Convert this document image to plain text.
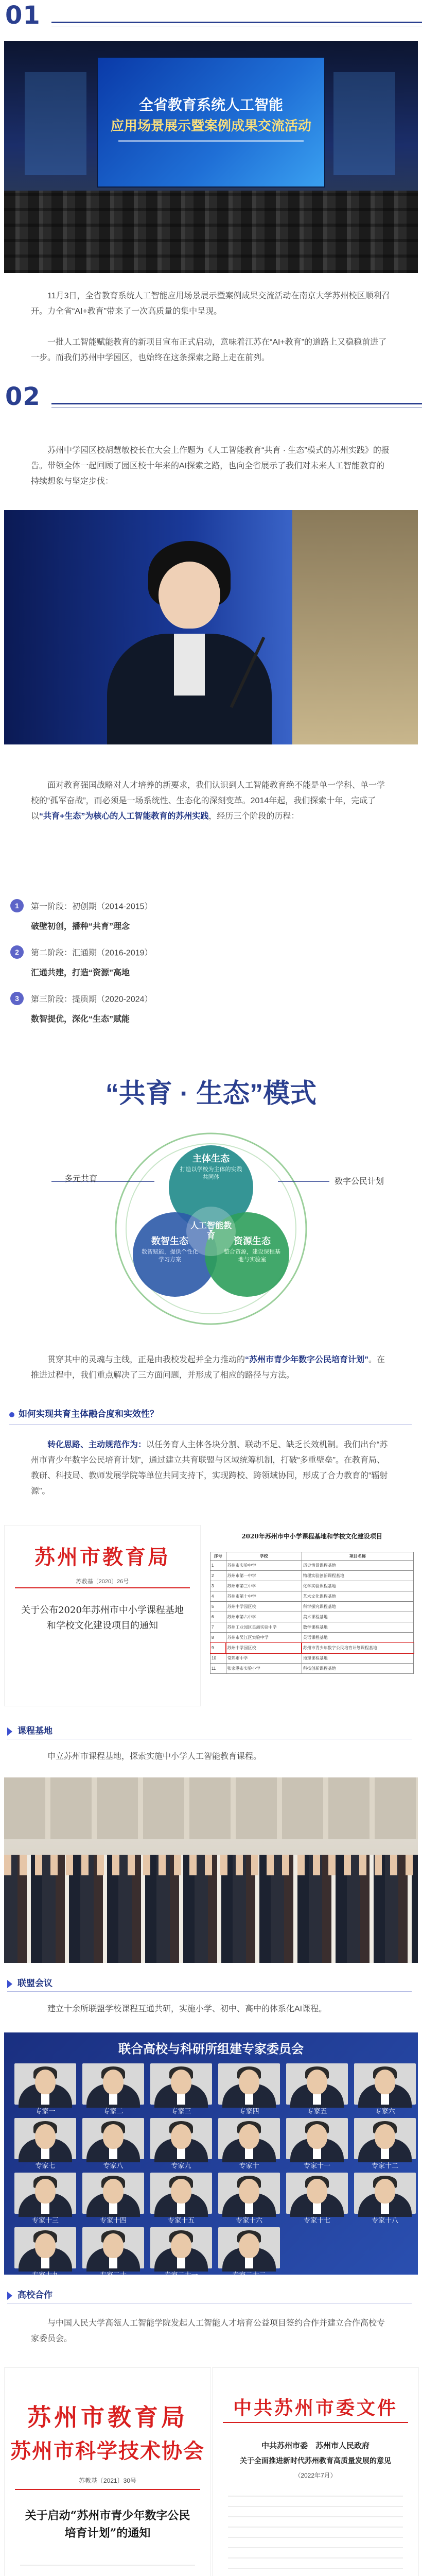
01
全省教育系统人工智能
应用场景展示暨案例成果交流活动
11月3日，全省教育系统人工智能应用场景展示暨案例成果交流活动在南京大学苏州校区顺利召开。力全省“AI+教育”带来了一次高质量的集中呈现。
一批人工智能赋能教育的新项目宣布正式启动，意味着江苏在“AI+教育”的道路上又稳稳前进了一步。而我们苏州中学园区，也始终在这条探索之路上走在前列。
02
苏州中学园区校胡慧敏校长在大会上作题为《人工智能教育“共育 · 生态”模式的苏州实践》的报告。带领全体一起回顾了园区校十年来的AI探索之路，也向全省展示了我们对未来人工智能教育的持续想象与坚定步伐：
面对教育强国战略对人才培养的新要求，我们认识到人工智能教育绝不能是单一学科、单一学校的“孤军奋战”，而必须是一场系统性、生态化的深刻变革。2014年起，我们探索十年，完成了以“共育+生态”为核心的人工智能教育的苏州实践，经历三个阶段的历程：
1 第一阶段：初创期（2014-2015）
破壁初创，播种“共育”理念
2 第二阶段：汇通期（2016-2019）
汇通共建，打造“资源”高地
3 第三阶段：提质期（2020-2024）
数智提优，深化“生态”赋能
“共育 · 生态”模式
主体生态
打造以学校为主体的实践共同体
数智生态
数智赋能，提供个性化学习方案
资源生态
整合资源，建设课程基地与实验室
人工智能教育
多元共育	数字公民计划
贯穿其中的灵魂与主线，正是由我校发起并全力推动的“苏州市青少年数字公民培育计划”。在推进过程中，我们重点解决了三方面问题，并形成了相应的路径与方法。
如何实现共育主体融合度和实效性？
转化思路、主动规范作为：以任务育人主体各块分割、联动不足、缺乏长效机制。我们出台“苏州市青少年数字公民培育计划”，通过建立共育联盟与区域统筹机制，打破“多重壁垒”。在教育局、教研、科技局、教师发展学院等单位共同支持下，实现跨校、跨领域协同，形成了合力教育的“辐射源”。
苏州市教育局
苏教基〔2020〕26号
关于公布2020年苏州市中小学课程基地和学校文化建设项目的通知
2020年苏州市中小学课程基地和学校文化建设项目
序号	学校	项目名称
1	苏州市实验中学	历史情景课程基地
2	苏州市第一中学	物理实验创新课程基地
3	苏州市第三中学	化学实验课程基地
4	苏州市第十中学	艺术文化课程基地
5	苏州中学园区校	科学探究课程基地
6	苏州市第六中学	美术课程基地
7	苏州工业园区星海实验中学	数学课程基地
8	苏州市吴江区实验中学	英语课程基地
9	苏州中学园区校	苏州市青少年数字公民培育计划课程基地
10	常熟市中学	地理课程基地
11	张家港市实验小学	科技创新课程基地
课程基地
申立苏州市课程基地，探索实施中小学人工智能教育课程。
联盟会议
建立十余所联盟学校课程互通共研，实施小学、初中、高中的体系化AI课程。
联合高校与科研所组建专家委员会
专家一	专家二	专家三	专家四	专家五	专家六
专家七	专家八	专家九	专家十	专家十一	专家十二
专家十三	专家十四	专家十五	专家十六	专家十七	专家十八
专家十九	专家二十	专家二十一	专家二十二
高校合作
与中国人民大学高瓴人工智能学院发起人工智能人才培育公益项目签约合作并建立合作高校专家委员会。
苏州市教育局
苏州市科学技术协会
苏教基〔2021〕30号
关于启动“苏州市青少年数字公民培育计划”的通知
中共苏州市委文件
中共苏州市委　苏州市人民政府
关于全面推进新时代苏州教育高质量发展的意见
（2022年7月）
